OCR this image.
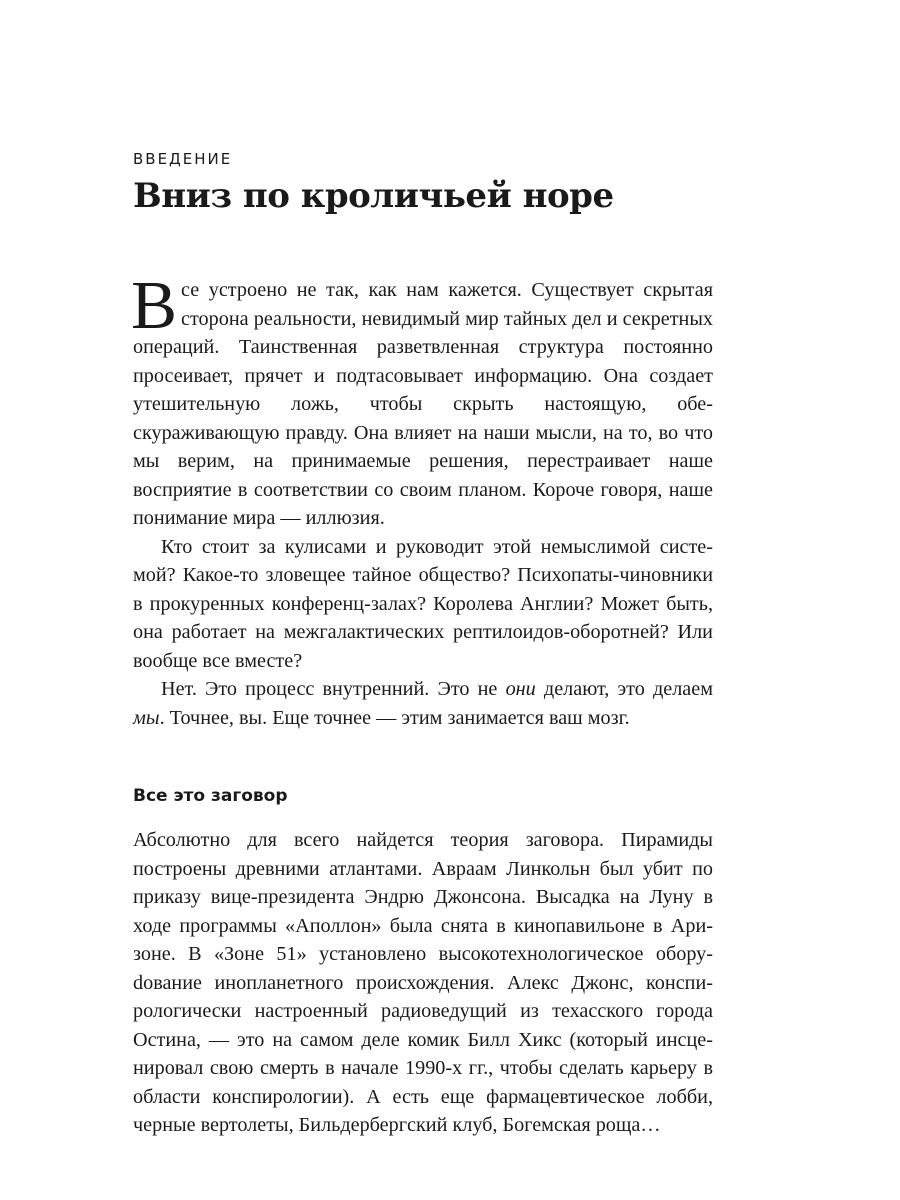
ВВЕДЕНИЕ
Вниз по кроличьей норе

Все устроено не так, как нам кажется. Существует скрытая сторона реальности, невидимый мир тайных дел и секретных операций. Таинственная разветвленная структура постоянно просеивает, прячет и подтасовывает информацию. Она создает утешительную ложь, чтобы скрыть настоящую, обескураживающую правду. Она влияет на наши мысли, на то, во что мы верим, на принимаемые решения, перестраивает наше восприятие в соответствии со своим планом. Короче говоря, наше понимание мира — иллюзия.

Кто стоит за кулисами и руководит этой немыслимой системой? Какое-то зловещее тайное общество? Психопаты-чиновники в прокуренных конференц-залах? Королева Англии? Может быть, она работает на межгалактических рептилоидов-оборотней? Или вообще все вместе?

Нет. Это процесс внутренний. Это не они делают, это делаем мы. Точнее, вы. Еще точнее — этим занимается ваш мозг.

Все это заговор

Абсолютно для всего найдется теория заговора. Пирамиды построены древними атлантами. Авраам Линкольн был убит по приказу вице-президента Эндрю Джонсона. Высадка на Луну в ходе программы «Аполлон» была снята в кинопавильоне в Аризоне. В «Зоне 51» установлено высокотехнологическое оборуdование инопланетного происхождения. Алекс Джонс, конспирологически настроенный радиоведущий из техасского города Остина, — это на самом деле комик Билл Хикс (который инсценировал свою смерть в начале 1990-х гг., чтобы сделать карьеру в области конспирологии). А есть еще фармацевтическое лобби, черные вертолеты, Бильдербергский клуб, Богемская роща…
